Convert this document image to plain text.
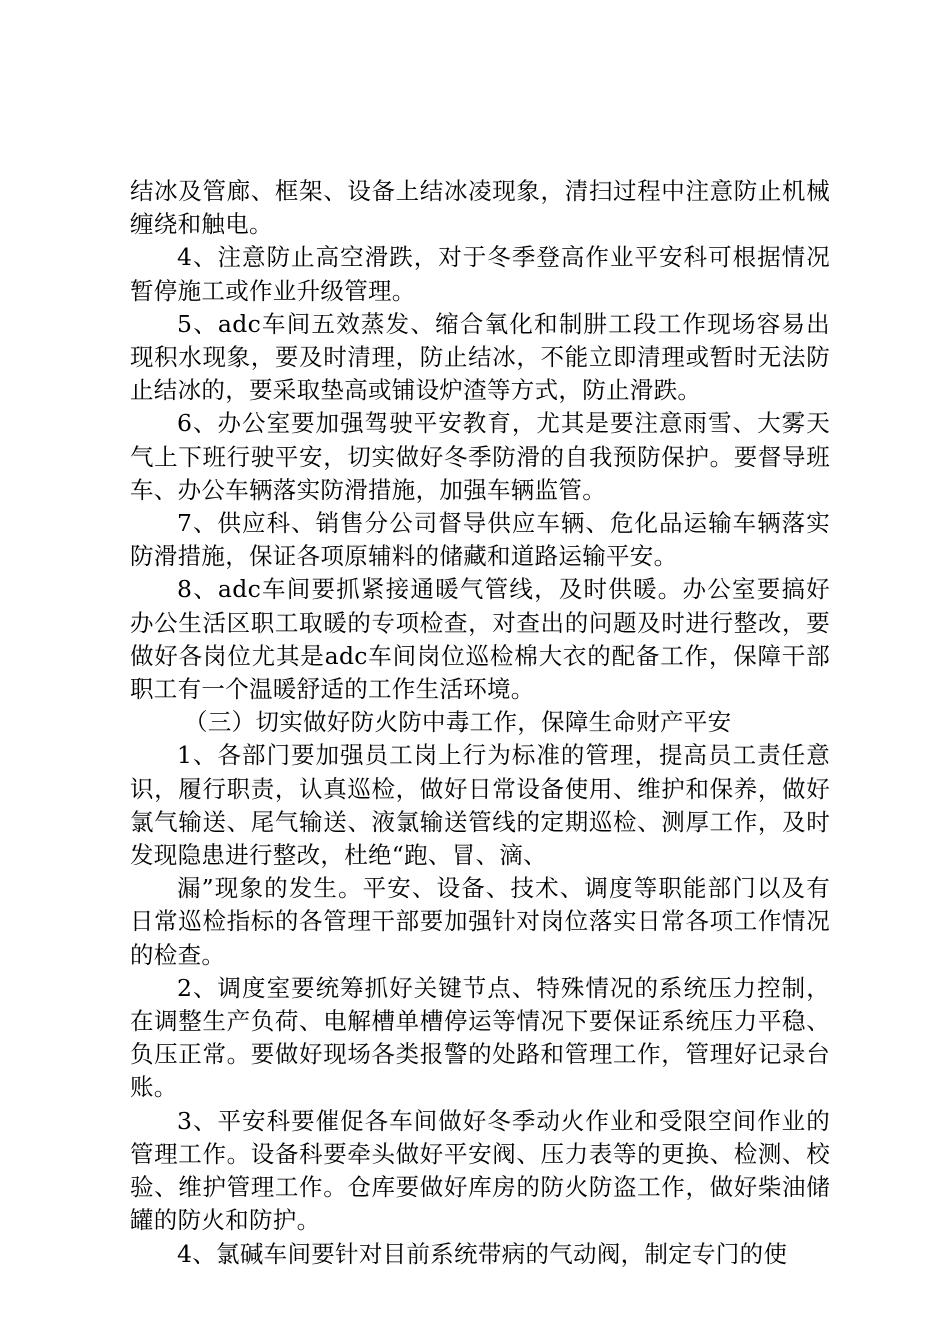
结冰及管廊、框架、设备上结冰凌现象，清扫过程中注意防止机械缠绕和触电。

4、注意防止高空滑跌，对于冬季登高作业平安科可根据情况暂停施工或作业升级管理。

5、adc车间五效蒸发、缩合氧化和制肼工段工作现场容易出现积水现象，要及时清理，防止结冰，不能立即清理或暂时无法防止结冰的，要采取垫高或铺设炉渣等方式，防止滑跌。

6、办公室要加强驾驶平安教育，尤其是要注意雨雪、大雾天气上下班行驶平安，切实做好冬季防滑的自我预防保护。要督导班车、办公车辆落实防滑措施，加强车辆监管。

7、供应科、销售分公司督导供应车辆、危化品运输车辆落实防滑措施，保证各项原辅料的储藏和道路运输平安。

8、adc车间要抓紧接通暖气管线，及时供暖。办公室要搞好办公生活区职工取暖的专项检查，对查出的问题及时进行整改，要做好各岗位尤其是adc车间岗位巡检棉大衣的配备工作，保障干部职工有一个温暖舒适的工作生活环境。

（三）切实做好防火防中毒工作，保障生命财产平安

1、各部门要加强员工岗上行为标准的管理，提高员工责任意识，履行职责，认真巡检，做好日常设备使用、维护和保养，做好氯气输送、尾气输送、液氯输送管线的定期巡检、测厚工作，及时发现隐患进行整改，杜绝“跑、冒、滴、

漏”现象的发生。平安、设备、技术、调度等职能部门以及有日常巡检指标的各管理干部要加强针对岗位落实日常各项工作情况的检查。

2、调度室要统筹抓好关键节点、特殊情况的系统压力控制，在调整生产负荷、电解槽单槽停运等情况下要保证系统压力平稳、负压正常。要做好现场各类报警的处路和管理工作，管理好记录台账。

3、平安科要催促各车间做好冬季动火作业和受限空间作业的管理工作。设备科要牵头做好平安阀、压力表等的更换、检测、校验、维护管理工作。仓库要做好库房的防火防盗工作，做好柴油储罐的防火和防护。

4、氯碱车间要针对目前系统带病的气动阀，制定专门的使
